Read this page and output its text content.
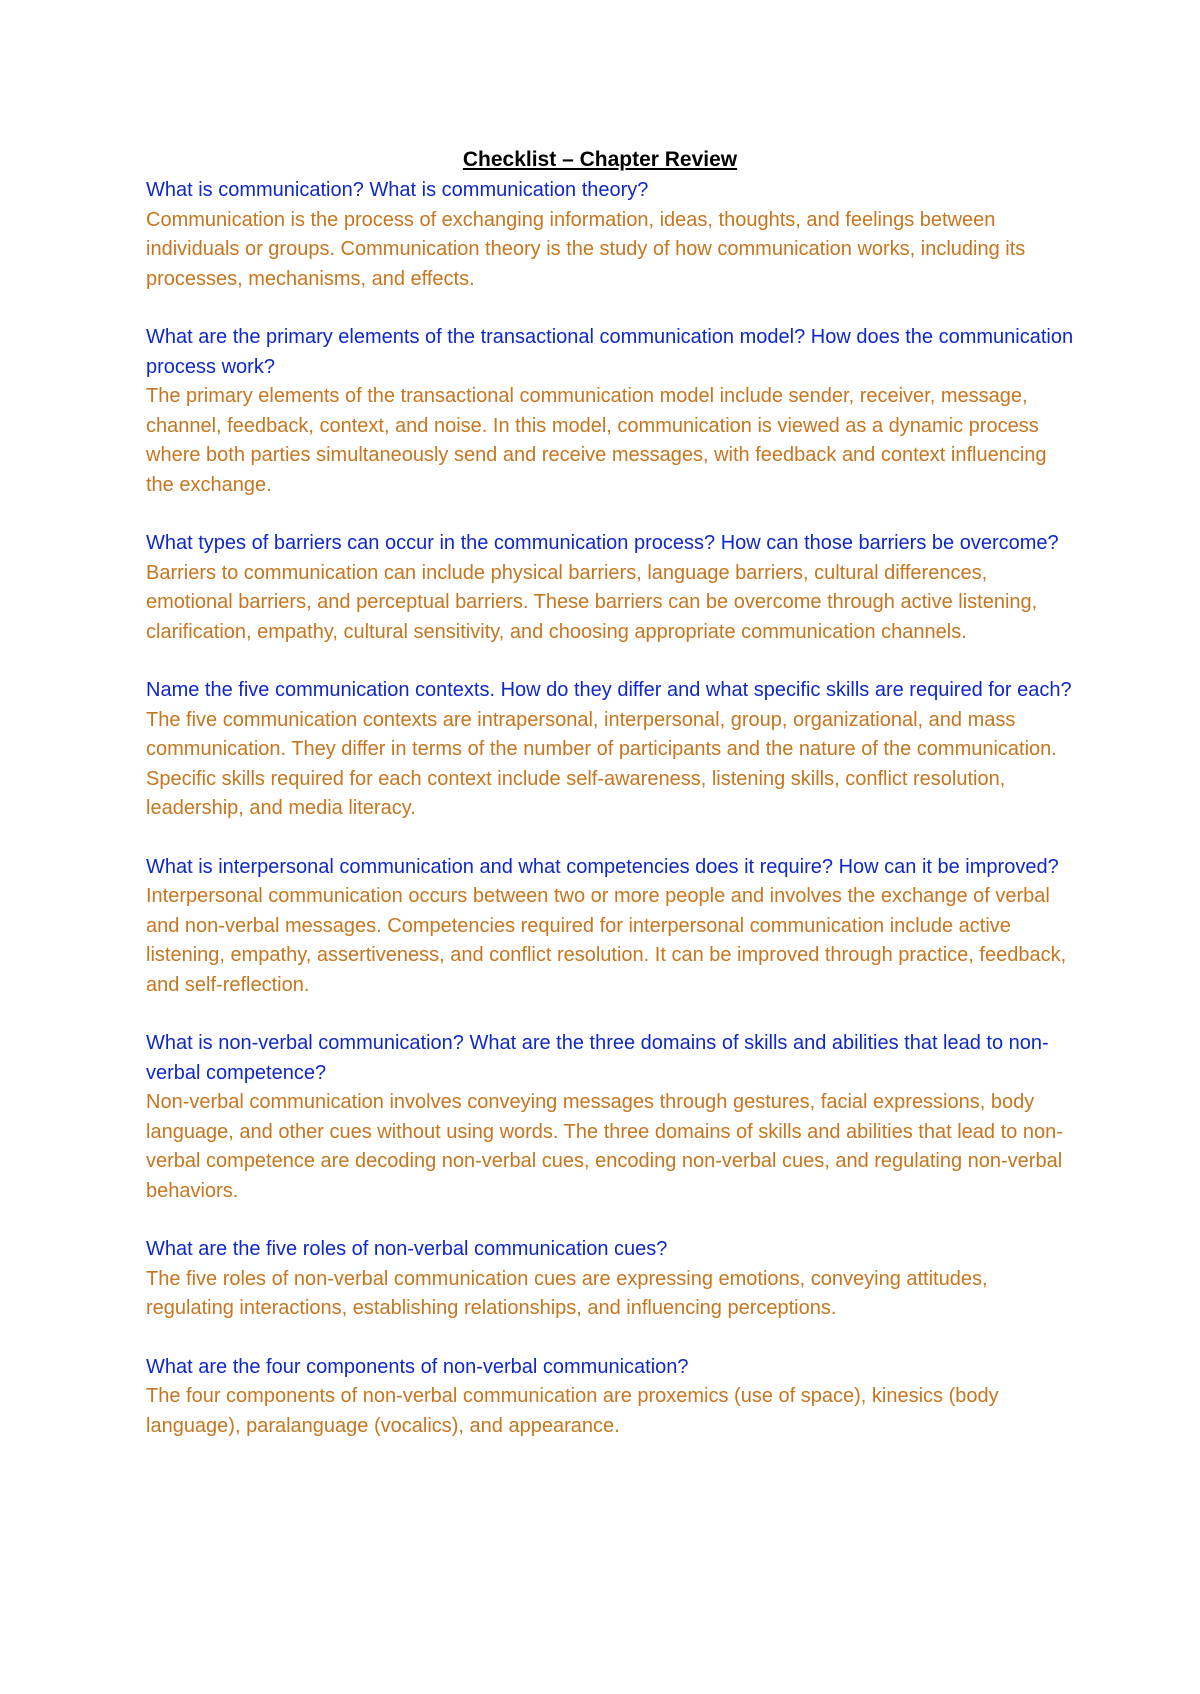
Checklist – Chapter Review

What is communication? What is communication theory?

Communication is the process of exchanging information, ideas, thoughts, and feelings between individuals or groups. Communication theory is the study of how communication works, including its processes, mechanisms, and effects.

What are the primary elements of the transactional communication model? How does the communication process work?

The primary elements of the transactional communication model include sender, receiver, message, channel, feedback, context, and noise. In this model, communication is viewed as a dynamic process where both parties simultaneously send and receive messages, with feedback and context influencing the exchange.

What types of barriers can occur in the communication process? How can those barriers be overcome?

Barriers to communication can include physical barriers, language barriers, cultural differences, emotional barriers, and perceptual barriers. These barriers can be overcome through active listening, clarification, empathy, cultural sensitivity, and choosing appropriate communication channels.

Name the five communication contexts. How do they differ and what specific skills are required for each?

The five communication contexts are intrapersonal, interpersonal, group, organizational, and mass communication. They differ in terms of the number of participants and the nature of the communication. Specific skills required for each context include self-awareness, listening skills, conflict resolution, leadership, and media literacy.

What is interpersonal communication and what competencies does it require? How can it be improved?

Interpersonal communication occurs between two or more people and involves the exchange of verbal and non-verbal messages. Competencies required for interpersonal communication include active listening, empathy, assertiveness, and conflict resolution. It can be improved through practice, feedback, and self-reflection.

What is non-verbal communication? What are the three domains of skills and abilities that lead to non-verbal competence?

Non-verbal communication involves conveying messages through gestures, facial expressions, body language, and other cues without using words. The three domains of skills and abilities that lead to non-verbal competence are decoding non-verbal cues, encoding non-verbal cues, and regulating non-verbal behaviors.

What are the five roles of non-verbal communication cues?

The five roles of non-verbal communication cues are expressing emotions, conveying attitudes, regulating interactions, establishing relationships, and influencing perceptions.

What are the four components of non-verbal communication?

The four components of non-verbal communication are proxemics (use of space), kinesics (body language), paralanguage (vocalics), and appearance.
